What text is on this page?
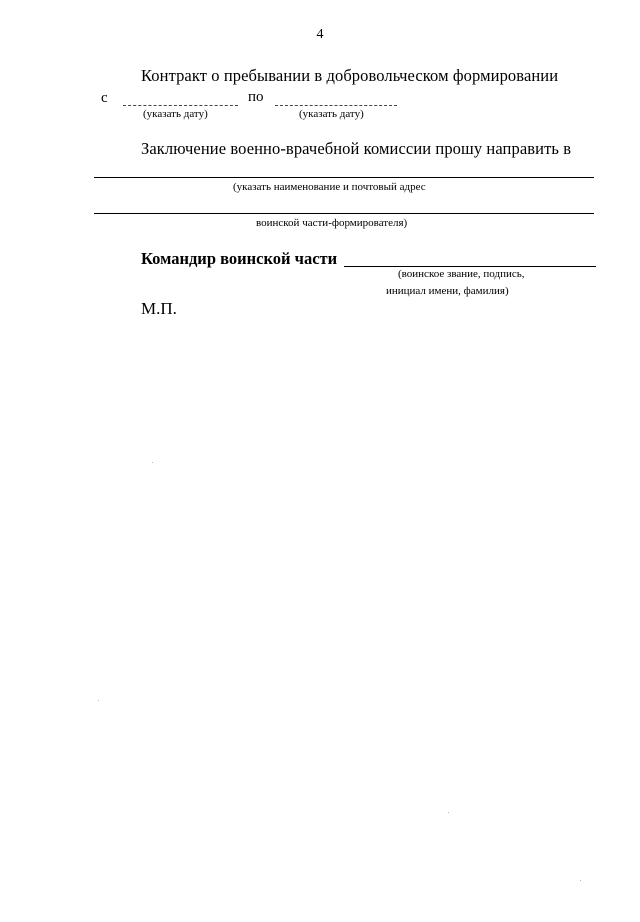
4
Контракт о пребывании в добровольческом формировании
с	по
(указать дату)	(указать дату)
Заключение военно-врачебной комиссии прошу направить в
(указать наименование и почтовый адрес
воинской части-формирователя)
Командир воинской части
(воинское звание, подпись,
инициал имени, фамилия)
М.П.
